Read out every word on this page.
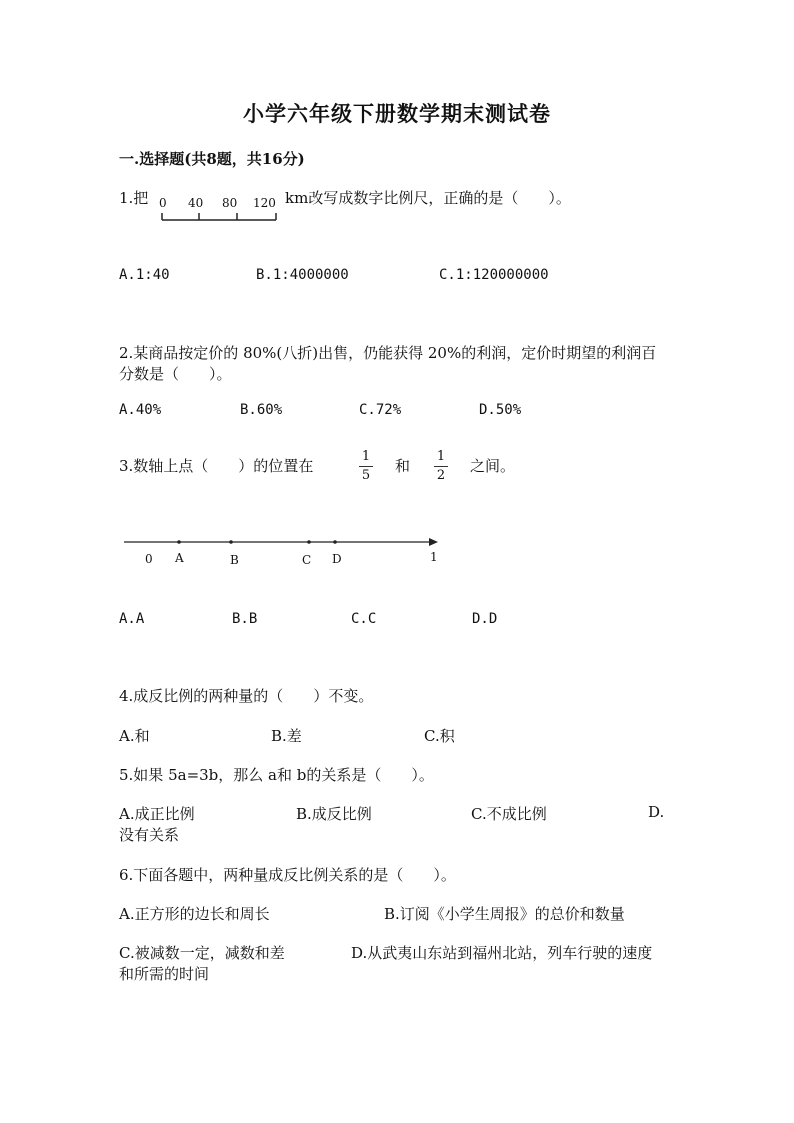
小学六年级下册数学期末测试卷
一.选择题(共8题，共16分)
1.把 0 40 80 120 km改写成数字比例尺，正确的是（　　）。
A.1:40	B.1:4000000	C.1:120000000
2.某商品按定价的 80%(八折)出售，仍能获得 20%的利润，定价时期望的利润百
分数是（　　）。
A.40%	B.60%	C.72%	D.50%
3.数轴上点（　　）的位置在
1
5
和
1
2
之间。
0 A	B	C D	1
A.A	B.B	C.C	D.D
4.成反比例的两种量的（　　）不变。
A.和	B.差	C.积
5.如果 5a=3b，那么 a和 b的关系是（　　）。
A.成正比例	B.成反比例	C.不成比例	D.
没有关系
6.下面各题中，两种量成反比例关系的是（　　）。
A.正方形的边长和周长	B.订阅《小学生周报》的总价和数量
C.被减数一定，减数和差	D.从武夷山东站到福州北站，列车行驶的速度
和所需的时间
